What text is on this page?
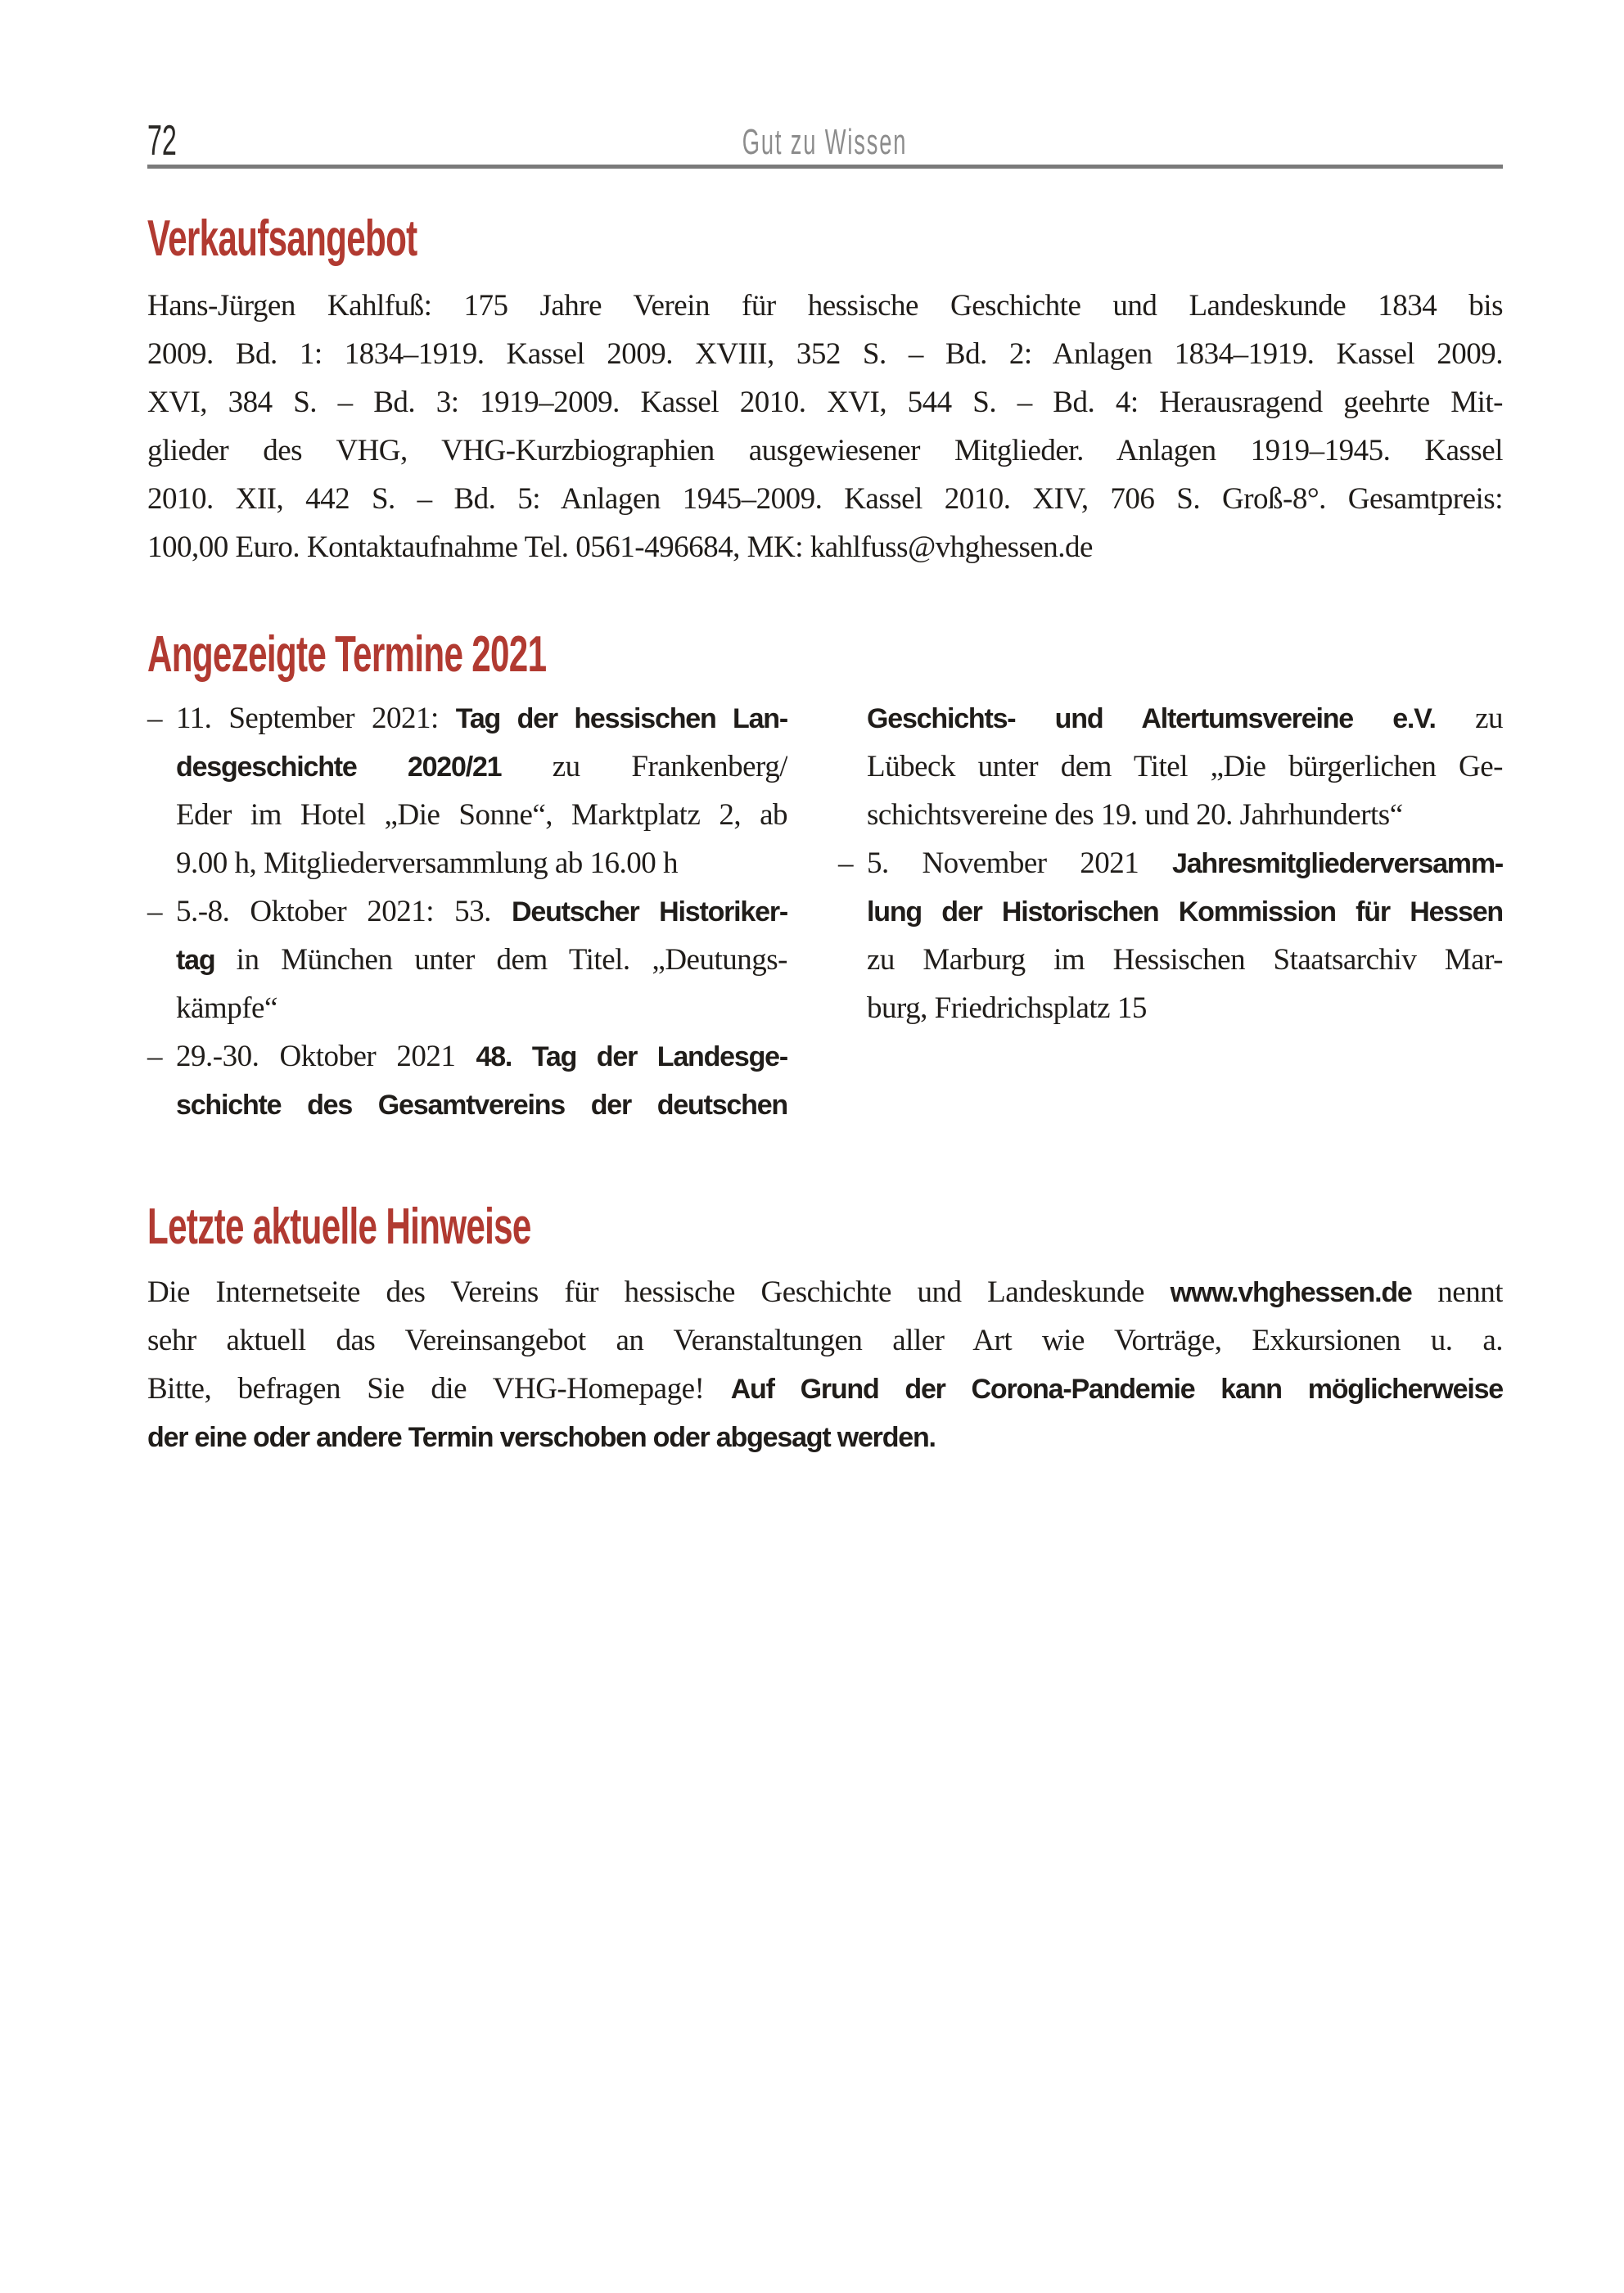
72	Gut zu Wissen
Verkaufsangebot
Hans-Jürgen Kahlfuß: 175 Jahre Verein für hessische Geschichte und Landeskunde 1834 bis
2009. Bd. 1: 1834–1919. Kassel 2009. XVIII, 352 S. – Bd. 2: Anlagen 1834–1919. Kassel 2009.
XVI, 384 S. – Bd. 3: 1919–2009. Kassel 2010. XVI, 544 S. – Bd. 4: Herausragend geehrte Mit-
glieder des VHG, VHG-Kurzbiographien ausgewiesener Mitglieder. Anlagen 1919–1945. Kassel
2010. XII, 442 S. – Bd. 5: Anlagen 1945–2009. Kassel 2010. XIV, 706 S. Groß-8°. Gesamtpreis:
100,00 Euro. Kontaktaufnahme Tel. 0561-496684, MK: kahlfuss@vhghessen.de
Angezeigte Termine 2021
– 11. September 2021: Tag der hessischen Lan-
desgeschichte 2020/21 zu Frankenberg/
Eder im Hotel „Die Sonne“, Marktplatz 2, ab
9.00 h, Mitgliederversammlung ab 16.00 h
– 5.-8. Oktober 2021: 53. Deutscher Historiker-
tag in München unter dem Titel. „Deutungs-
kämpfe“
– 29.-30. Oktober 2021 48. Tag der Landesge-
schichte des Gesamtvereins der deutschen
Geschichts- und Altertumsvereine e.V. zu
Lübeck unter dem Titel „Die bürgerlichen Ge-
schichtsvereine des 19. und 20. Jahrhunderts“
– 5. November 2021 Jahresmitgliederversamm-
lung der Historischen Kommission für Hessen
zu Marburg im Hessischen Staatsarchiv Mar-
burg, Friedrichsplatz 15
Letzte aktuelle Hinweise
Die Internetseite des Vereins für hessische Geschichte und Landeskunde www.vhghessen.de nennt
sehr aktuell das Vereinsangebot an Veranstaltungen aller Art wie Vorträge, Exkursionen u. a.
Bitte, befragen Sie die VHG-Homepage! Auf Grund der Corona-Pandemie kann möglicherweise
der eine oder andere Termin verschoben oder abgesagt werden.
